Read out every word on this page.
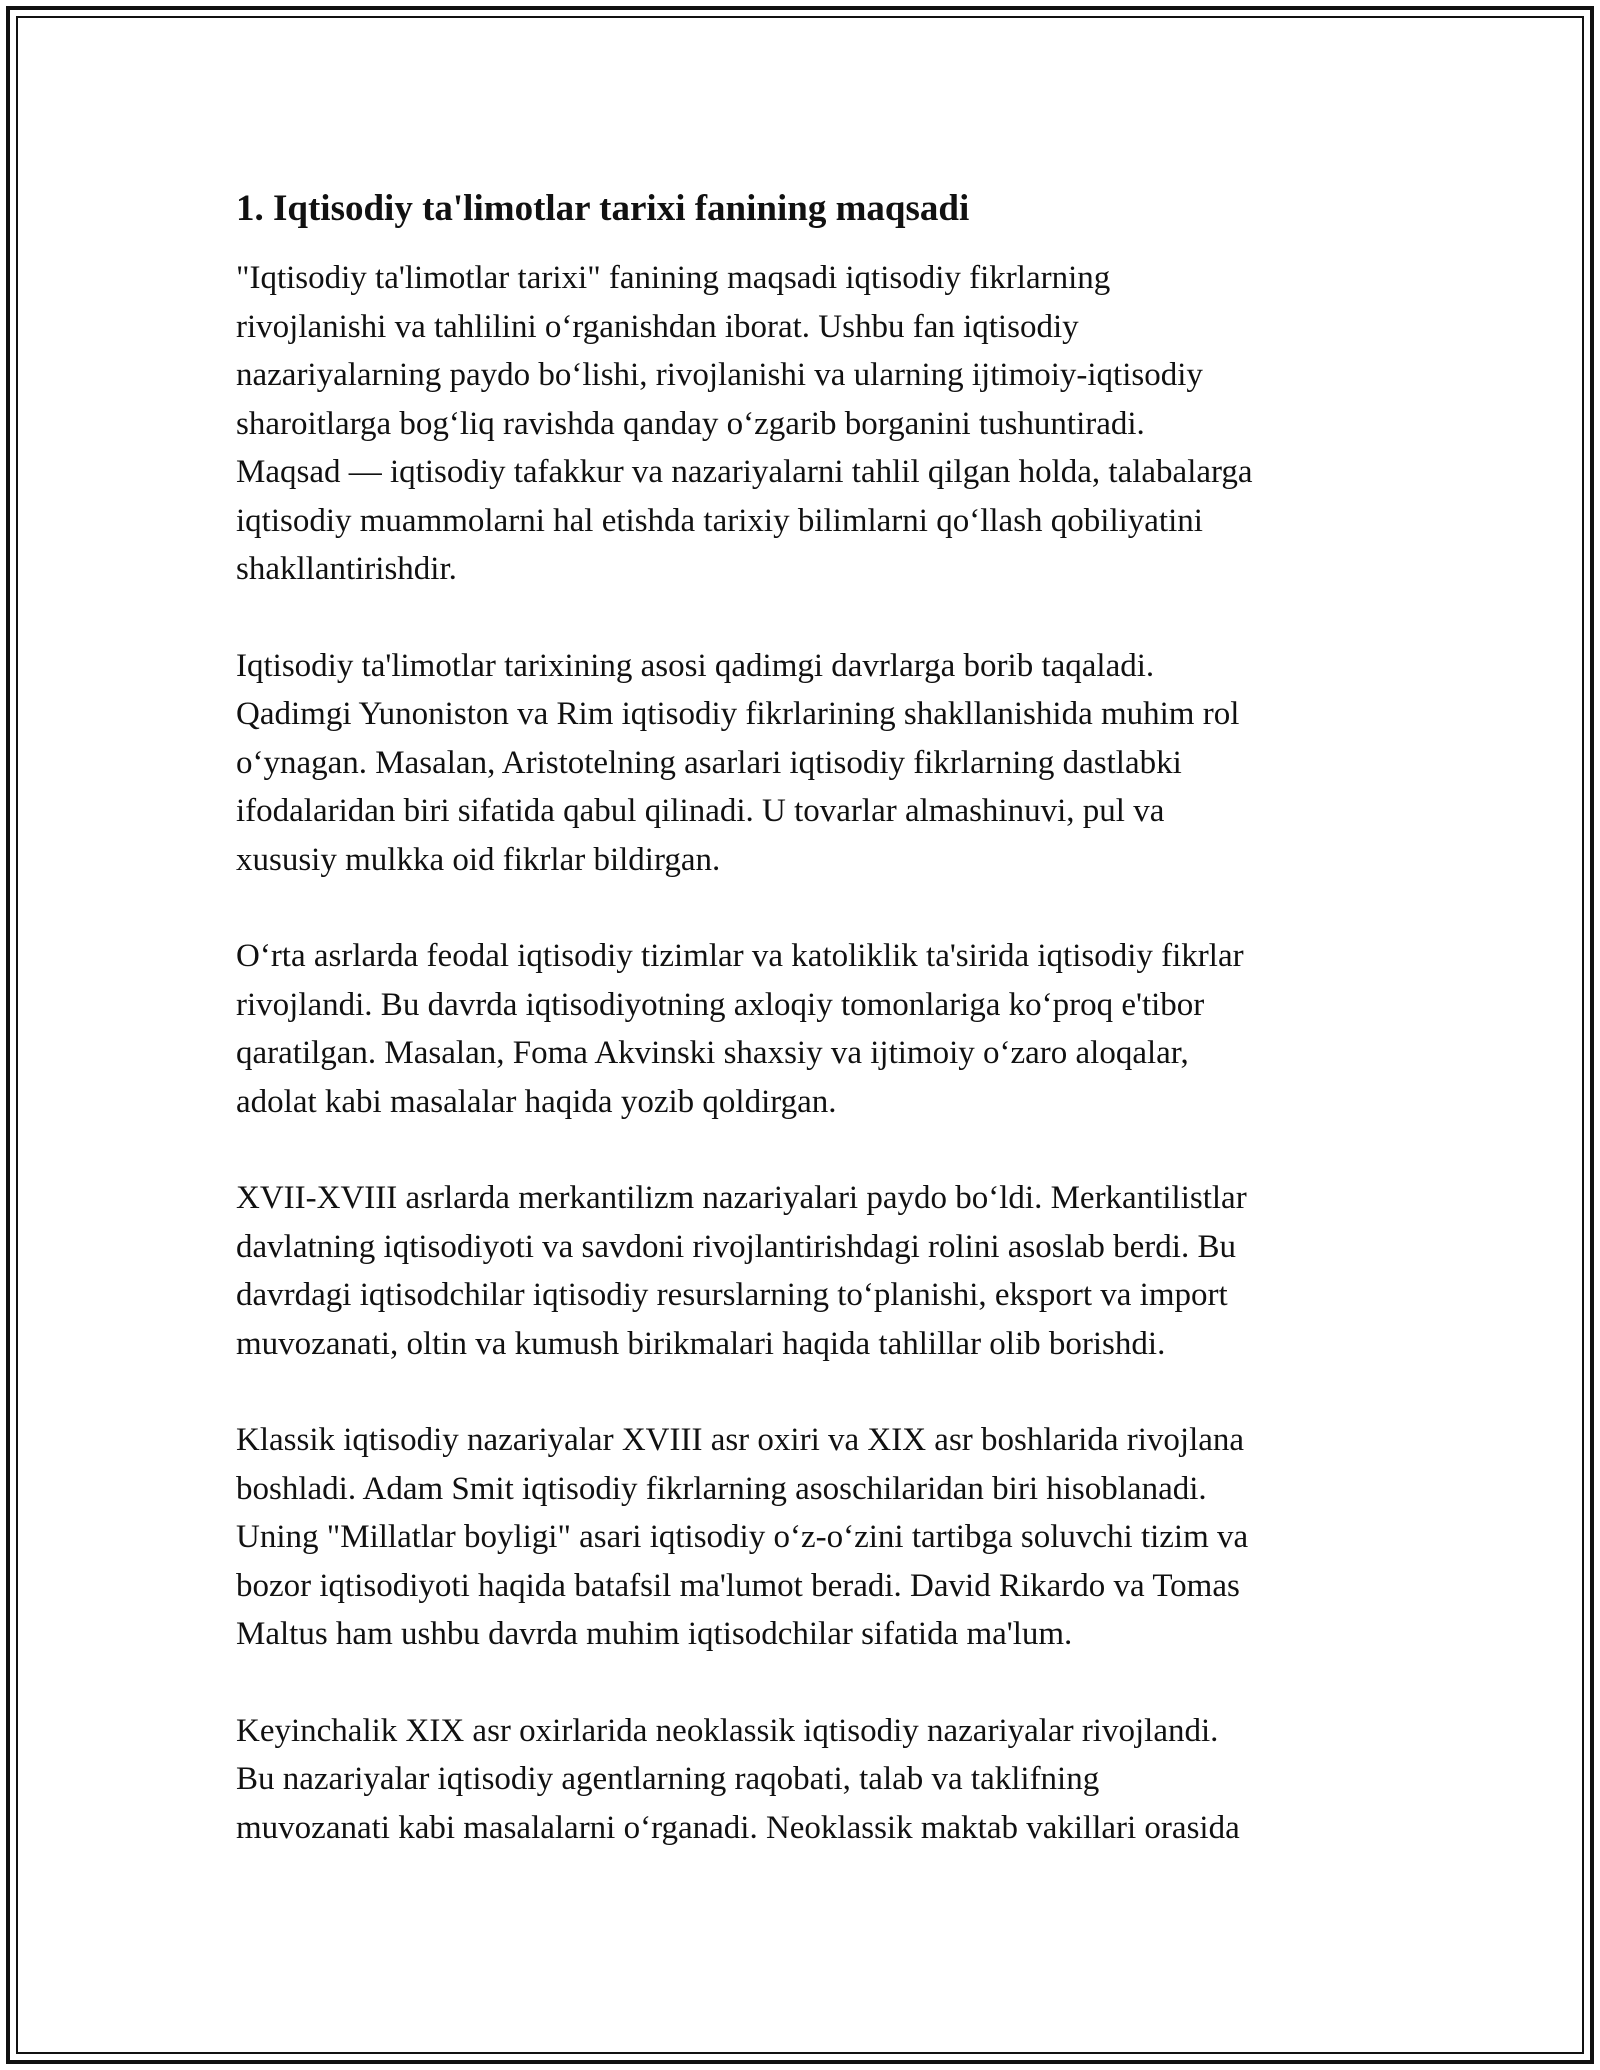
1. Iqtisodiy ta'limotlar tarixi fanining maqsadi

"Iqtisodiy ta'limotlar tarixi" fanining maqsadi iqtisodiy fikrlarning
rivojlanishi va tahlilini o‘rganishdan iborat. Ushbu fan iqtisodiy
nazariyalarning paydo bo‘lishi, rivojlanishi va ularning ijtimoiy-iqtisodiy
sharoitlarga bog‘liq ravishda qanday o‘zgarib borganini tushuntiradi.
Maqsad — iqtisodiy tafakkur va nazariyalarni tahlil qilgan holda, talabalarga
iqtisodiy muammolarni hal etishda tarixiy bilimlarni qo‘llash qobiliyatini
shakllantirishdir.

Iqtisodiy ta'limotlar tarixining asosi qadimgi davrlarga borib taqaladi.
Qadimgi Yunoniston va Rim iqtisodiy fikrlarining shakllanishida muhim rol
o‘ynagan. Masalan, Aristotelning asarlari iqtisodiy fikrlarning dastlabki
ifodalaridan biri sifatida qabul qilinadi. U tovarlar almashinuvi, pul va
xususiy mulkka oid fikrlar bildirgan.

O‘rta asrlarda feodal iqtisodiy tizimlar va katoliklik ta'sirida iqtisodiy fikrlar
rivojlandi. Bu davrda iqtisodiyotning axloqiy tomonlariga ko‘proq e'tibor
qaratilgan. Masalan, Foma Akvinski shaxsiy va ijtimoiy o‘zaro aloqalar,
adolat kabi masalalar haqida yozib qoldirgan.

XVII-XVIII asrlarda merkantilizm nazariyalari paydo bo‘ldi. Merkantilistlar
davlatning iqtisodiyoti va savdoni rivojlantirishdagi rolini asoslab berdi. Bu
davrdagi iqtisodchilar iqtisodiy resurslarning to‘planishi, eksport va import
muvozanati, oltin va kumush birikmalari haqida tahlillar olib borishdi.

Klassik iqtisodiy nazariyalar XVIII asr oxiri va XIX asr boshlarida rivojlana
boshladi. Adam Smit iqtisodiy fikrlarning asoschilaridan biri hisoblanadi.
Uning "Millatlar boyligi" asari iqtisodiy o‘z-o‘zini tartibga soluvchi tizim va
bozor iqtisodiyoti haqida batafsil ma'lumot beradi. David Rikardo va Tomas
Maltus ham ushbu davrda muhim iqtisodchilar sifatida ma'lum.

Keyinchalik XIX asr oxirlarida neoklassik iqtisodiy nazariyalar rivojlandi.
Bu nazariyalar iqtisodiy agentlarning raqobati, talab va taklifning
muvozanati kabi masalalarni o‘rganadi. Neoklassik maktab vakillari orasida
